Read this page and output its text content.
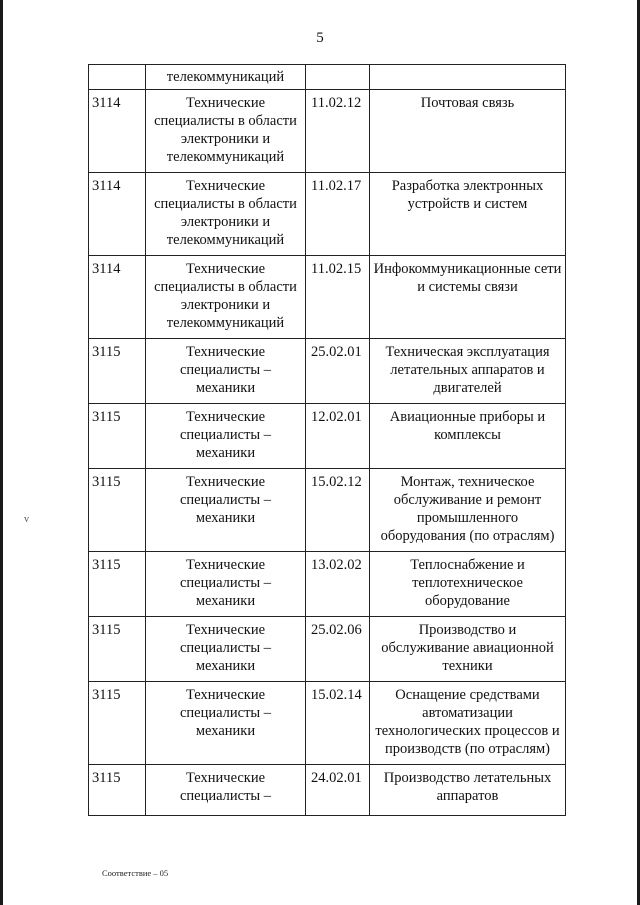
5
v
	телекоммуникаций		
3114	Технические специалисты в области электроники и телекоммуникаций	11.02.12	Почтовая связь
3114	Технические специалисты в области электроники и телекоммуникаций	11.02.17	Разработка электронных устройств и систем
3114	Технические специалисты в области электроники и телекоммуникаций	11.02.15	Инфокоммуникационные сети и системы связи
3115	Технические специалисты – механики	25.02.01	Техническая эксплуатация летательных аппаратов и двигателей
3115	Технические специалисты – механики	12.02.01	Авиационные приборы и комплексы
3115	Технические специалисты – механики	15.02.12	Монтаж, техническое обслуживание и ремонт промышленного оборудования (по отраслям)
3115	Технические специалисты – механики	13.02.02	Теплоснабжение и теплотехническое оборудование
3115	Технические специалисты – механики	25.02.06	Производство и обслуживание авиационной техники
3115	Технические специалисты – механики	15.02.14	Оснащение средствами автоматизации технологических процессов и производств (по отраслям)
3115	Технические специалисты –	24.02.01	Производство летательных аппаратов
Соответствие – 05
